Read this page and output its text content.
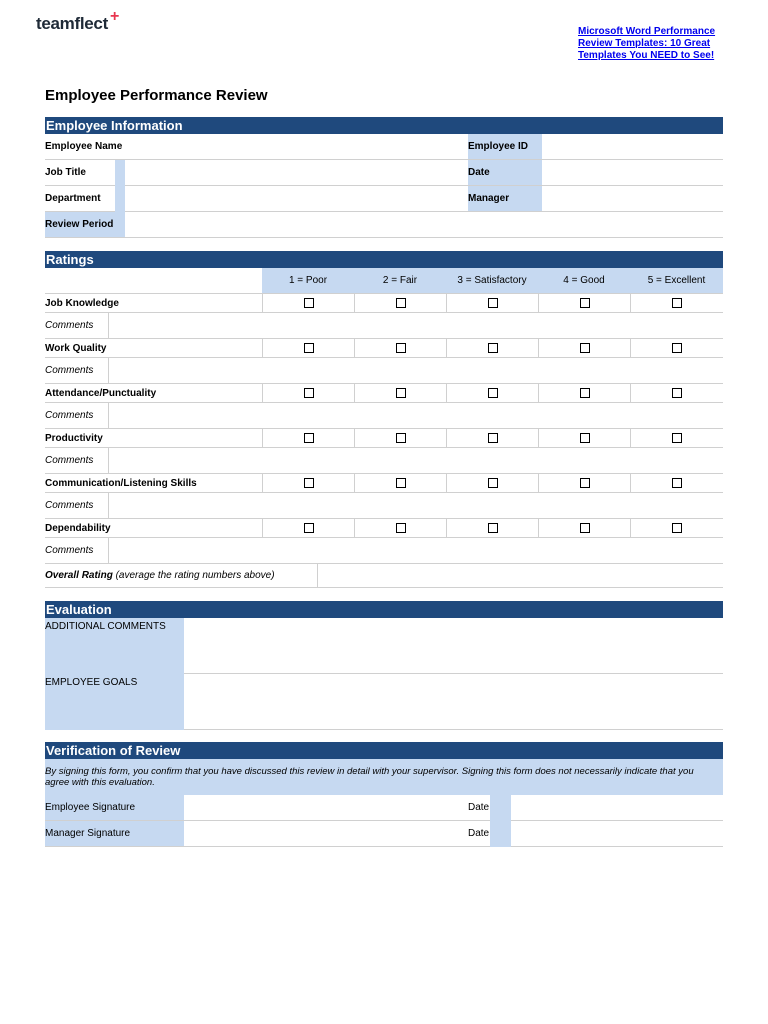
teamflect +
Microsoft Word Performance Review Templates: 10 Great Templates You NEED to See!
Employee Performance Review
Employee Information
Employee Name	Employee ID
Job Title	Date
Department	Manager
Review Period
Ratings
1 = Poor	2 = Fair	3 = Satisfactory	4 = Good	5 = Excellent
Job Knowledge
Comments
Work Quality
Comments
Attendance/Punctuality
Comments
Productivity
Comments
Communication/Listening Skills
Comments
Dependability
Comments
Overall Rating
(average the rating numbers above)
Evaluation
ADDITIONAL COMMENTS
EMPLOYEE GOALS
Verification of Review
By signing this form, you confirm that you have discussed this review in detail with your supervisor. Signing this form does not necessarily indicate that you agree with this evaluation.
Employee Signature	Date
Manager Signature	Date
